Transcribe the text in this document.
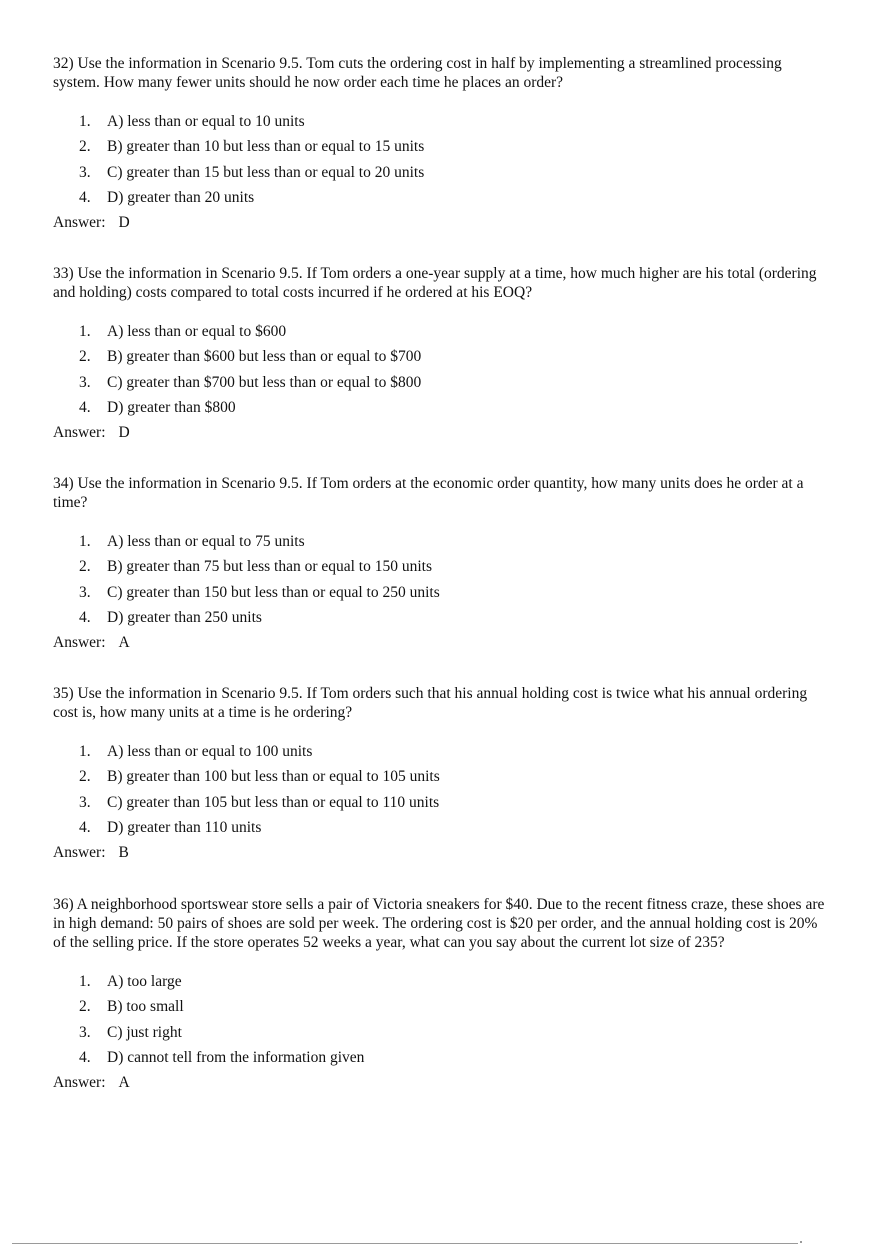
32) Use the information in Scenario 9.5. Tom cuts the ordering cost in half by implementing a streamlined processing system. How many fewer units should he now order each time he places an order?

1.	A) less than or equal to 10 units
2.	B) greater than 10 but less than or equal to 15 units
3.	C) greater than 15 but less than or equal to 20 units
4.	D) greater than 20 units

Answer: D

33) Use the information in Scenario 9.5. If Tom orders a one-year supply at a time, how much higher are his total (ordering and holding) costs compared to total costs incurred if he ordered at his EOQ?

1.	A) less than or equal to $600
2.	B) greater than $600 but less than or equal to $700
3.	C) greater than $700 but less than or equal to $800
4.	D) greater than $800

Answer: D

34) Use the information in Scenario 9.5. If Tom orders at the economic order quantity, how many units does he order at a time?

1.	A) less than or equal to 75 units
2.	B) greater than 75 but less than or equal to 150 units
3.	C) greater than 150 but less than or equal to 250 units
4.	D) greater than 250 units

Answer: A

35) Use the information in Scenario 9.5. If Tom orders such that his annual holding cost is twice what his annual ordering cost is, how many units at a time is he ordering?

1.	A) less than or equal to 100 units
2.	B) greater than 100 but less than or equal to 105 units
3.	C) greater than 105 but less than or equal to 110 units
4.	D) greater than 110 units

Answer: B

36) A neighborhood sportswear store sells a pair of Victoria sneakers for $40. Due to the recent fitness craze, these shoes are in high demand: 50 pairs of shoes are sold per week. The ordering cost is $20 per order, and the annual holding cost is 20% of the selling price. If the store operates 52 weeks a year, what can you say about the current lot size of 235?

1.	A) too large
2.	B) too small
3.	C) just right
4.	D) cannot tell from the information given

Answer: A
